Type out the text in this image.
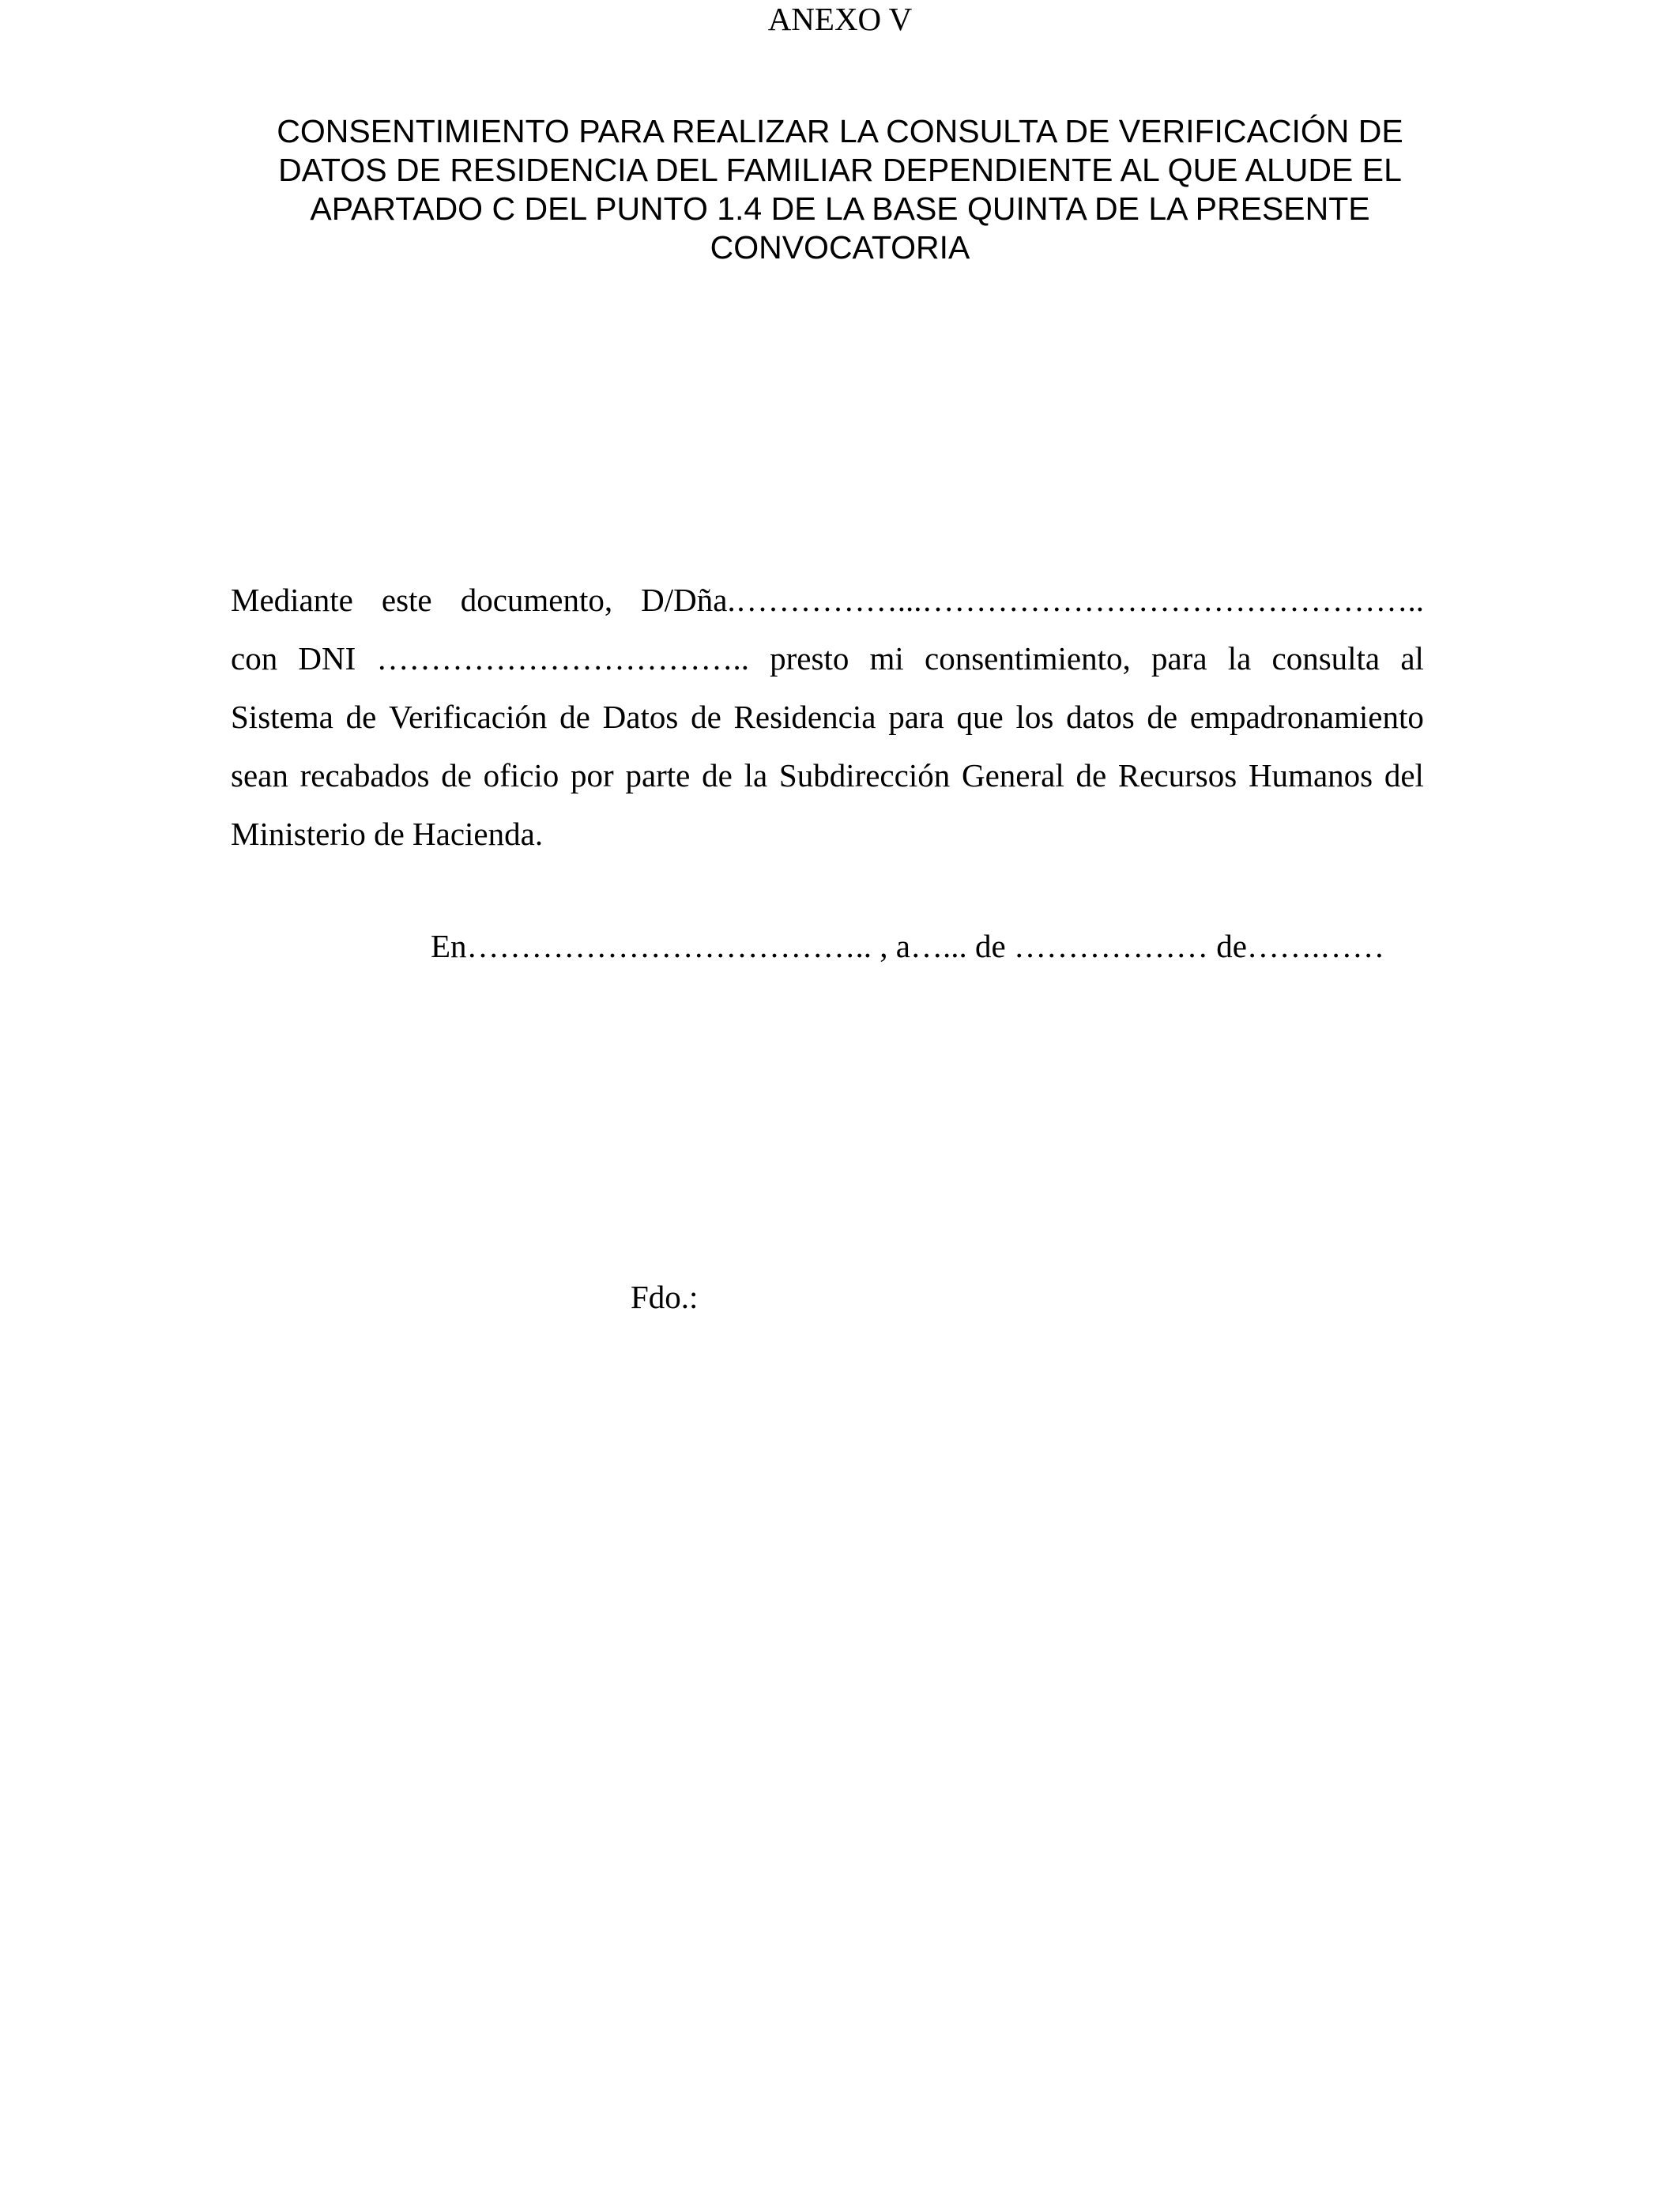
ANEXO V
CONSENTIMIENTO PARA REALIZAR LA CONSULTA DE VERIFICACIÓN DE
DATOS DE RESIDENCIA DEL FAMILIAR DEPENDIENTE AL QUE ALUDE EL
APARTADO C DEL PUNTO 1.4 DE LA BASE QUINTA DE LA PRESENTE
CONVOCATORIA
Mediante este documento, D/Dña.……………...………………………………………..
con DNI …………………………….. presto mi consentimiento, para la consulta al
Sistema de Verificación de Datos de Residencia para que los datos de empadronamiento
sean recabados de oficio por parte de la Subdirección General de Recursos Humanos del
Ministerio de Hacienda.
En……………………………….. , a…... de ……………… de…….……
Fdo.:
